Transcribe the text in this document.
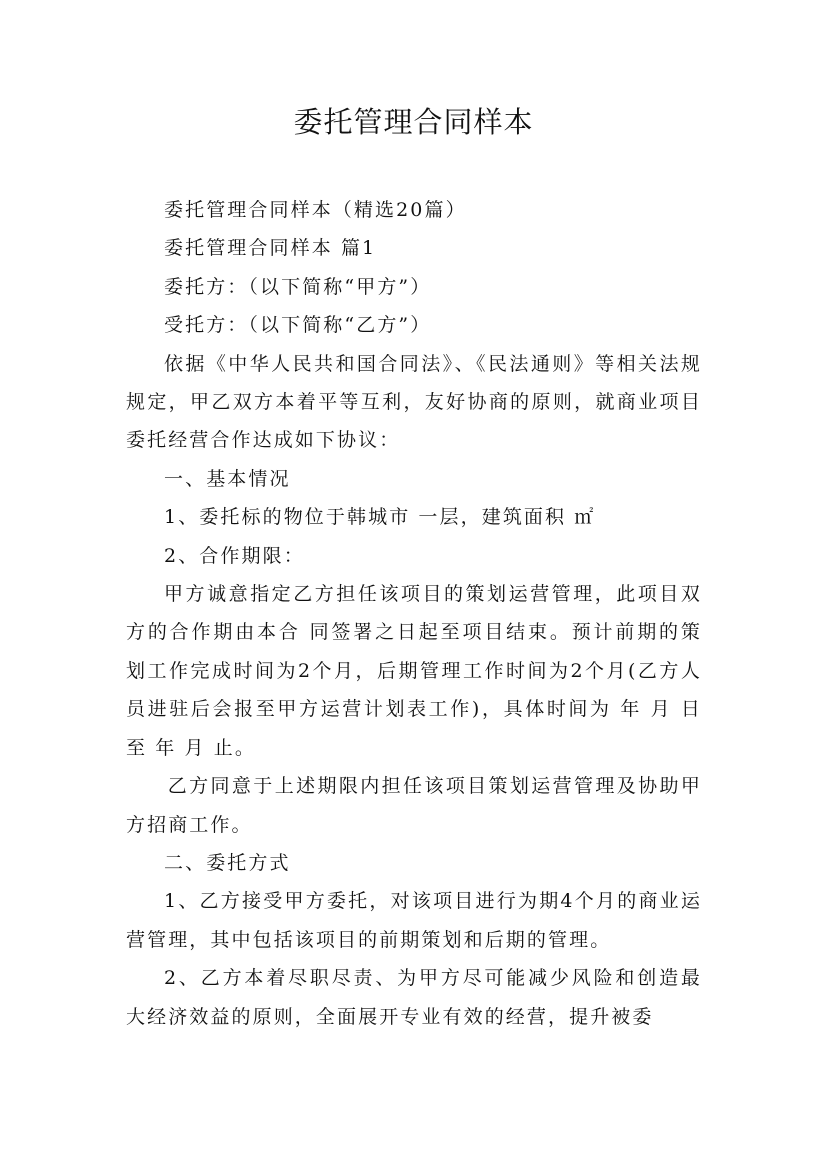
委托管理合同样本

委托管理合同样本（精选20篇）

委托管理合同样本 篇1

委托方：（以下简称“甲方”）

受托方：（以下简称“乙方”）

依据《中华人民共和国合同法》、《民法通则》等相关法规规定，甲乙双方本着平等互利，友好协商的原则，就商业项目委托经营合作达成如下协议：

一、基本情况

1、委托标的物位于韩城市 一层，建筑面积 ㎡

2、合作期限：

甲方诚意指定乙方担任该项目的策划运营管理，此项目双方的合作期由本合 同签署之日起至项目结束。预计前期的策划工作完成时间为2个月，后期管理工作时间为2个月(乙方人员进驻后会报至甲方运营计划表工作)，具体时间为 年 月 日至 年 月 止。

乙方同意于上述期限内担任该项目策划运营管理及协助甲方招商工作。

二、委托方式

1、乙方接受甲方委托，对该项目进行为期4个月的商业运营管理，其中包括该项目的前期策划和后期的管理。

2、乙方本着尽职尽责、为甲方尽可能减少风险和创造最大经济效益的原则，全面展开专业有效的经营，提升被委
